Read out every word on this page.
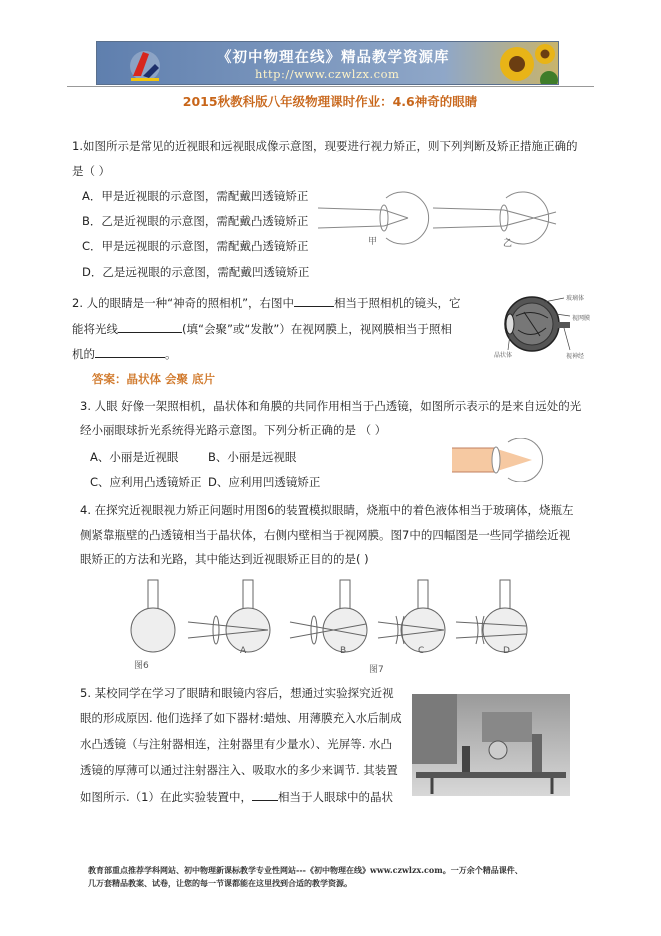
《初中物理在线》精品教学资源库
http://www.czwlzx.com
2015秋教科版八年级物理课时作业：4.6神奇的眼睛
1.如图所示是常见的近视眼和远视眼成像示意图，现要进行视力矫正，则下列判断及矫正措施正确的
是（ ）
A．甲是近视眼的示意图，需配戴凹透镜矫正
B．乙是近视眼的示意图，需配戴凸透镜矫正
C．甲是远视眼的示意图，需配戴凸透镜矫正
D．乙是远视眼的示意图，需配戴凹透镜矫正
甲	乙
2. 人的眼睛是一种“神奇的照相机”，右图中	相当于照相机的镜头，它
能将光线	(填“会聚”或“发散”）在视网膜上，视网膜相当于照相
机的	。
答案：晶状体 会聚 底片
玻璃体
视网膜
晶状体	视神经
3. 人眼 好像一架照相机，晶状体和角膜的共同作用相当于凸透镜，如图所示表示的是来自远处的光
经小丽眼球折光系统得光路示意图。下列分析正确的是 （ ）
A、小丽是近视眼	B、小丽是远视眼
C、应利用凸透镜矫正 D、应利用凹透镜矫正
4. 在探究近视眼视力矫正问题时用图6的装置模拟眼睛，烧瓶中的着色液体相当于玻璃体，烧瓶左
侧紧靠瓶壁的凸透镜相当于晶状体，右侧内壁相当于视网膜。图7中的四幅图是一些同学描绘近视
眼矫正的方法和光路，其中能达到近视眼矫正目的的是( )
A	B	C	D
图6	图7
5. 某校同学在学习了眼睛和眼镜内容后，想通过实验探究近视
眼的形成原因. 他们选择了如下器材:蜡烛、用薄膜充入水后制成
水凸透镜（与注射器相连，注射器里有少量水）、光屏等. 水凸
透镜的厚薄可以通过注射器注入、吸取水的多少来调节. 其装置
如图所示.（1）在此实验装置中， 相当于人眼球中的晶状
教育部重点推荐学科网站、初中物理新课标教学专业性网站---《初中物理在线》www.czwlzx.com。一万余个精品课件、
几万套精品教案、试卷，让您的每一节课都能在这里找到合适的教学资源。
